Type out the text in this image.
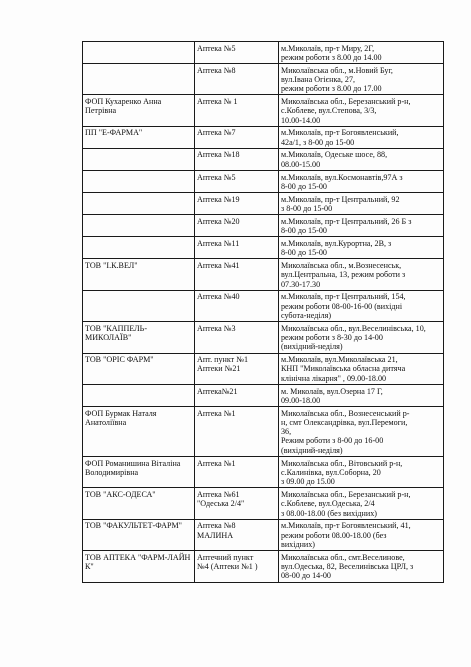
	Аптека №5	м.Миколаїв, пр-т Миру, 2Г,
режим роботи з 8.00 до 14.00
	Аптека №8	Миколаївська обл., м.Новий Буг,
вул.Івана Огієнка, 27,
режим роботи з 8.00 до 17.00
ФОП Кухаренко Анна Петрівна	Аптека № 1	Миколаївська обл., Березанський р-н,
с.Коблеве, вул.Степова, 3/3,
10.00-14.00
ПП "Е-ФАРМА"	Аптека №7	м.Миколаїв, пр-т Богоявленський,
42а/1, з 8-00 до 15-00
	Аптека №18	м.Миколаїв, Одеське шосе, 88,
08.00-15.00
	Аптека №5	м.Миколаїв, вул.Космонавтів,97А з
8-00 до 15-00
	Аптека №19	м.Миколаїв, пр-т Центральний, 92
з 8-00 до 15-00
	Аптека №20	м.Миколаїв, пр-т Центральний, 26 Б з
8-00 до 15-00
	Аптека №11	м.Миколаїв, вул.Курортна, 2В, з
8-00 до 15-00
ТОВ "І.К.ВЕЛ"	Аптека №41	Миколаївська обл., м.Вознесенськ,
вул.Центральна, 13, режим роботи з
07.30-17.30
	Аптека №40	м.Миколаїв, пр-т Центральний, 154,
режим роботи 08-00-16-00 (вихідні
субота-неділя)
ТОВ "КАППЕЛЬ-МИКОЛАЇВ"	Аптека №3	Миколаївська обл., вул.Веселинівська, 10,
режим роботи з 8-30 до 14-00
(вихідний-неділя)
ТОВ "ОРІС ФАРМ"	Апт. пункт №1
Аптеки №21	м.Миколаїв, вул.Миколаївська 21,
КНП "Миколаївська обласна дитяча
клінічна лікарня" , 09.00-18.00
	Аптека№21	м. Миколаїв, вул.Озерна 17 Г,
09.00-18.00
ФОП Бурмак Наталя Анатоліївна	Аптека №1	Миколаївська обл., Вознесенський р-
н, смт Олександрівка, вул.Перемоги,
36,
Режим роботи з 8-00 до 16-00
(вихідний-неділя)
ФОП Романишина Віталіна Володимирівна	Аптека №1	Миколаївська обл., Вітовський р-н,
с.Калинівка, вул.Соборна, 20
з 09.00 до 15.00
ТОВ "АКС-ОДЕСА"	Аптека №61
"Одеська 2/4"	Миколаївська обл., Березанський р-н,
с.Коблеве, вул.Одеська, 2/4
з 08.00-18.00 (без вихідних)
ТОВ "ФАКУЛЬТЕТ-ФАРМ"	Аптека №8
МАЛИНА	м.Миколаїв, пр-т Богоявленський, 41,
режим роботи 08.00-18.00 (без
вихідних)
ТОВ АПТЕКА "ФАРМ-ЛАЙН К"	Аптечний пункт
№4 (Аптеки №1 )	Миколаївська обл., смт.Веселинове,
вул.Одеська, 82, Веселинівська ЦРЛ, з
08-00 до 14-00
